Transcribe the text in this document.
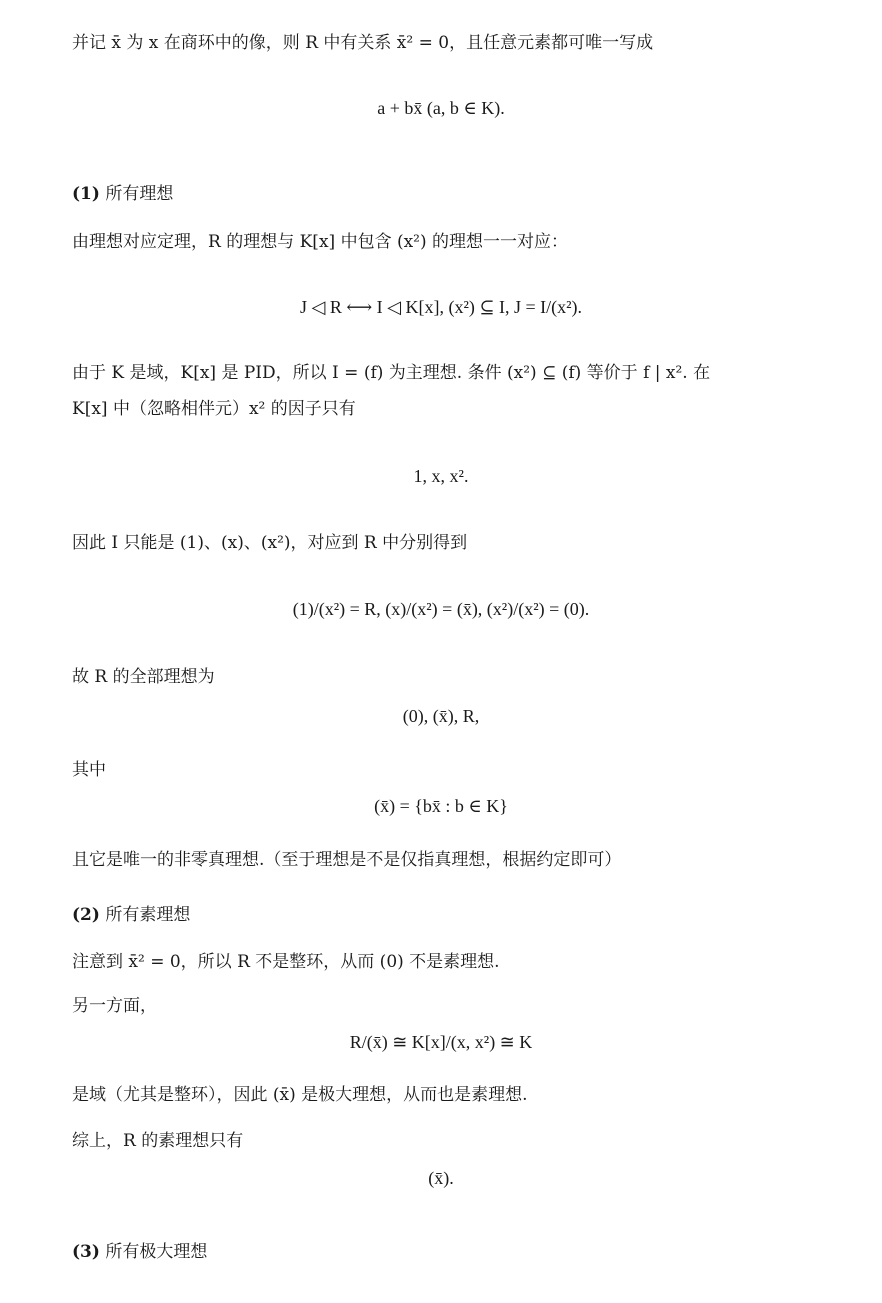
并记 x̄ 为 x 在商环中的像，则 R 中有关系 x̄² = 0，且任意元素都可唯一写成
a + bx̄ (a, b ∈ K).
(1) 所有理想
由理想对应定理，R 的理想与 K[x] 中包含 (x²) 的理想一一对应：
J ◁ R ⟷ I ◁ K[x], (x²) ⊆ I, J = I/(x²).
由于 K 是域，K[x] 是 PID，所以 I = (f) 为主理想. 条件 (x²) ⊆ (f) 等价于 f | x². 在
K[x] 中（忽略相伴元）x² 的因子只有
1, x, x².
因此 I 只能是 (1)、(x)、(x²)，对应到 R 中分别得到
(1)/(x²) = R, (x)/(x²) = (x̄), (x²)/(x²) = (0).
故 R 的全部理想为
(0), (x̄), R,
其中
(x̄) = {bx̄ : b ∈ K}
且它是唯一的非零真理想.（至于理想是不是仅指真理想，根据约定即可）
(2) 所有素理想
注意到 x̄² = 0，所以 R 不是整环，从而 (0) 不是素理想.
另一方面，
R/(x̄) ≅ K[x]/(x, x²) ≅ K
是域（尤其是整环），因此 (x̄) 是极大理想，从而也是素理想.
综上，R 的素理想只有
(x̄).
(3) 所有极大理想
